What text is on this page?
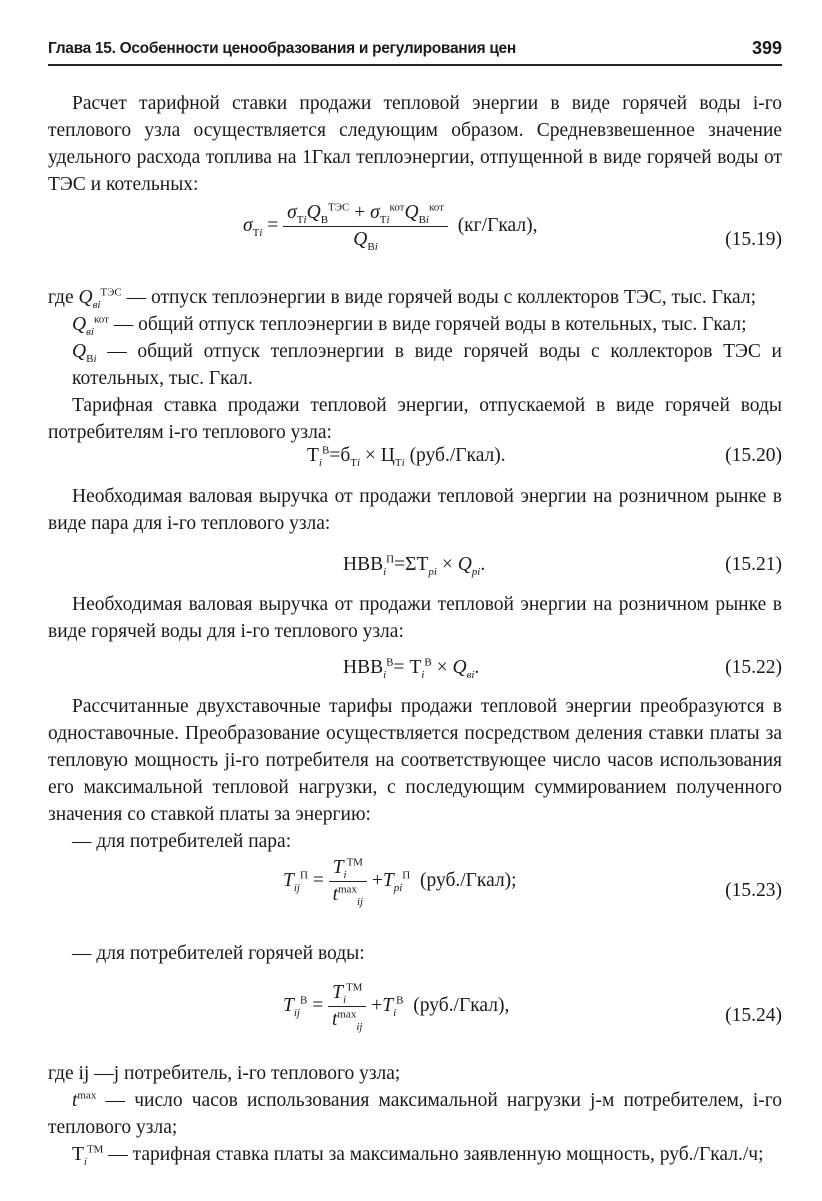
Глава 15. Особенности ценообразования и регулирования цен	399

Расчет тарифной ставки продажи тепловой энергии в виде горячей воды i-го теплового узла осуществляется следующим образом. Средневзвешенное значение удельного расхода топлива на 1Гкал теплоэнергии, отпущенной в виде горячей воды от ТЭС и котельных:

$\sigma_{Тi} = \frac{\sigma_{Тi}Q_В^{ТЭС} + \sigma_{Тi}^{кот}Q_{Вi}^{кот}}{Q_{Вi}}$ (кг/Гкал),
(15.19)

где $Q_{вi}^{ТЭС}$ — отпуск теплоэнергии в виде горячей воды с коллекторов ТЭС, тыс. Гкал;

$Q_{вi}^{кот}$ — общий отпуск теплоэнергии в виде горячей воды в котельных, тыс. Гкал;

$Q_{Вi}$ — общий отпуск теплоэнергии в виде горячей воды с коллекторов ТЭС и котельных, тыс. Гкал.

Тарифная ставка продажи тепловой энергии, отпускаемой в виде горячей воды потребителям i-го теплового узла:

$Т_i^В=б_{Тi} \times Ц_{Тi}$ (руб./Гкал).	(15.20)

Необходимая валовая выручка от продажи тепловой энергии на розничном рынке в виде пара для i-го теплового узла:

$НВВ_i^П=\Sigma Т_{pi} \times Q_{pi}$.	(15.21)

Необходимая валовая выручка от продажи тепловой энергии на розничном рынке в виде горячей воды для i-го теплового узла:

$НВВ_i^В= Т_i^В \times Q_{вi}$.	(15.22)

Рассчитанные двухставочные тарифы продажи тепловой энергии преобразуются в одноставочные. Преобразование осуществляется посредством деления ставки платы за тепловую мощность ji-го потребителя на соответствующее число часов использования его максимальной тепловой нагрузки, с последующим суммированием полученного значения со ставкой платы за энергию:

— для потребителей пара:

$T_{ij}^П = \frac{T_i^{ТМ}}{t^{max}_{ij}} +T_{pi}^П$ (руб./Гкал);	(15.23)

— для потребителей горячей воды:

$T_{ij}^В = \frac{T_i^{ТМ}}{t^{max}_{ij}} +T_i^В$ (руб./Гкал),	(15.24)

где ij —j потребитель, i-го теплового узла;

$t^{max}$ — число часов использования максимальной нагрузки j-м потребителем, i-го теплового узла;

$Т_i^{ТМ}$ — тарифная ставка платы за максимально заявленную мощность, руб./Гкал./ч;
